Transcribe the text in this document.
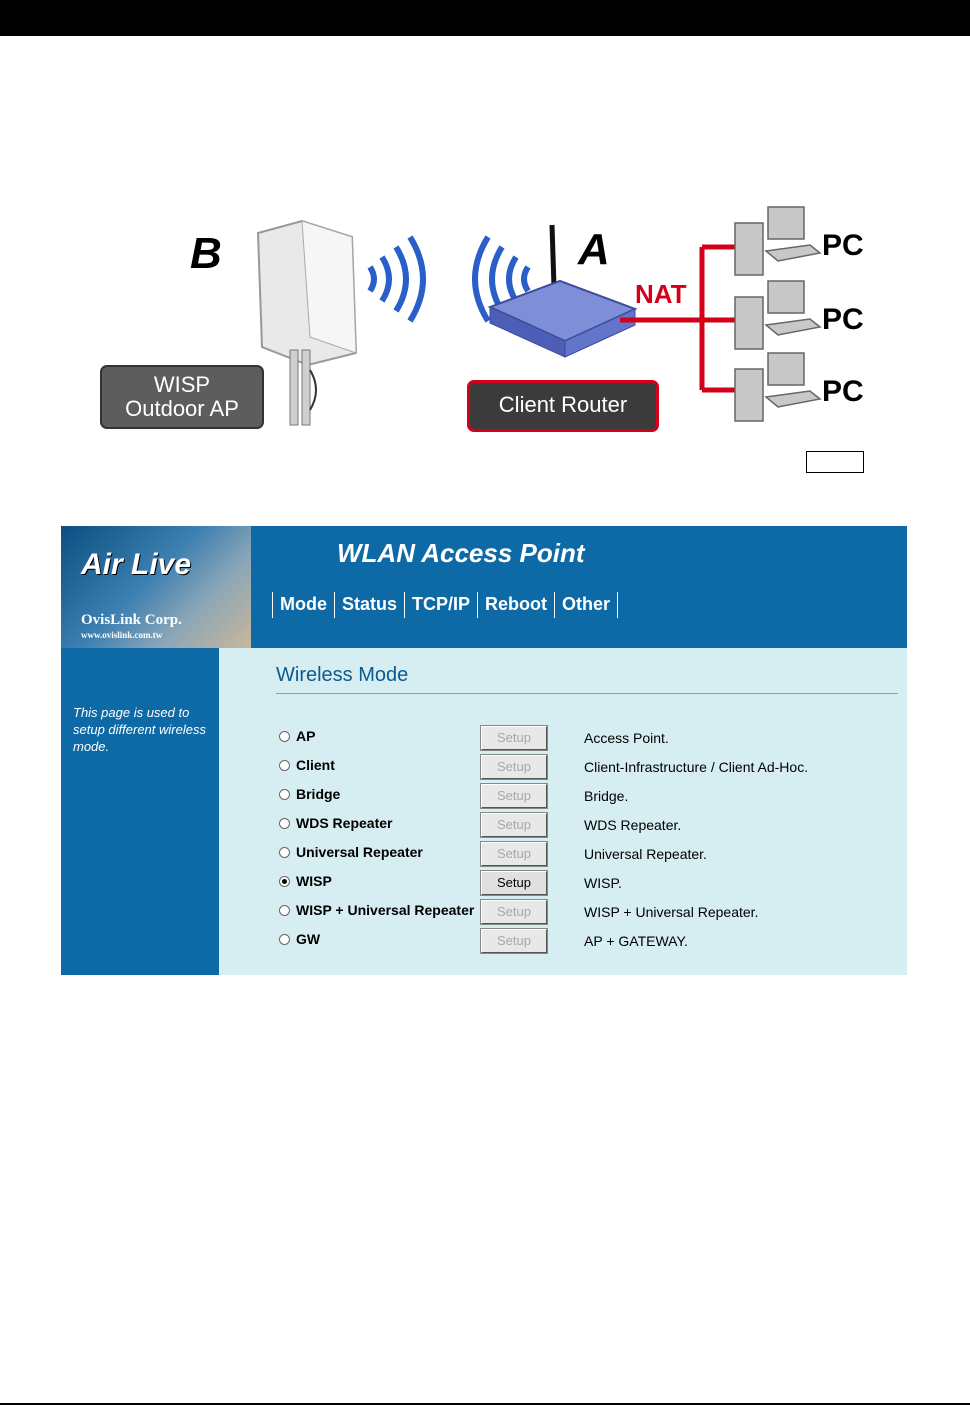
B	A
WISP
Outdoor AP	Client Router
NAT
PC
PC
PC
Air Live
OvisLink Corp.
www.ovislink.com.tw
WLAN Access Point
Mode Status TCP/IP Reboot Other
This page is used to setup different wireless mode.
Wireless Mode
AP	Setup	Access Point.
Client	Setup	Client-Infrastructure / Client Ad-Hoc.
Bridge	Setup	Bridge.
WDS Repeater	Setup	WDS Repeater.
Universal Repeater	Setup	Universal Repeater.
WISP	Setup	WISP.
WISP + Universal Repeater	Setup	WISP + Universal Repeater.
GW	Setup	AP + GATEWAY.
